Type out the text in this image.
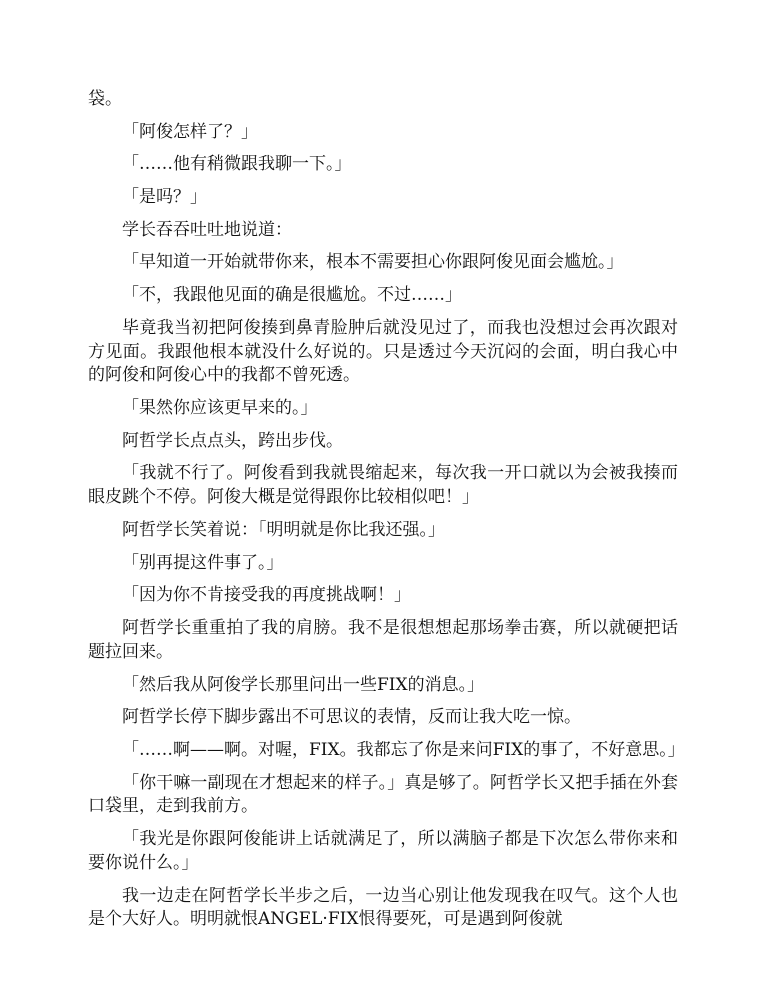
袋。

「阿俊怎样了？」

「……他有稍微跟我聊一下。」

「是吗？」

学长吞吞吐吐地说道：

「早知道一开始就带你来，根本不需要担心你跟阿俊见面会尴尬。」

「不，我跟他见面的确是很尴尬。不过……」

毕竟我当初把阿俊揍到鼻青脸肿后就没见过了，而我也没想过会再次跟对方见面。我跟他根本就没什么好说的。只是透过今天沉闷的会面，明白我心中的阿俊和阿俊心中的我都不曾死透。

「果然你应该更早来的。」

阿哲学长点点头，跨出步伐。

「我就不行了。阿俊看到我就畏缩起来，每次我一开口就以为会被我揍而眼皮跳个不停。阿俊大概是觉得跟你比较相似吧！」

阿哲学长笑着说：「明明就是你比我还强。」

「别再提这件事了。」

「因为你不肯接受我的再度挑战啊！」

阿哲学长重重拍了我的肩膀。我不是很想想起那场拳击赛，所以就硬把话题拉回来。

「然后我从阿俊学长那里问出一些FIX的消息。」

阿哲学长停下脚步露出不可思议的表情，反而让我大吃一惊。

「……啊——啊。对喔，FIX。我都忘了你是来问FIX的事了，不好意思。」

「你干嘛一副现在才想起来的样子。」真是够了。阿哲学长又把手插在外套口袋里，走到我前方。

「我光是你跟阿俊能讲上话就满足了，所以满脑子都是下次怎么带你来和要你说什么。」

我一边走在阿哲学长半步之后，一边当心别让他发现我在叹气。这个人也是个大好人。明明就恨ANGEL·FIX恨得要死，可是遇到阿俊就
